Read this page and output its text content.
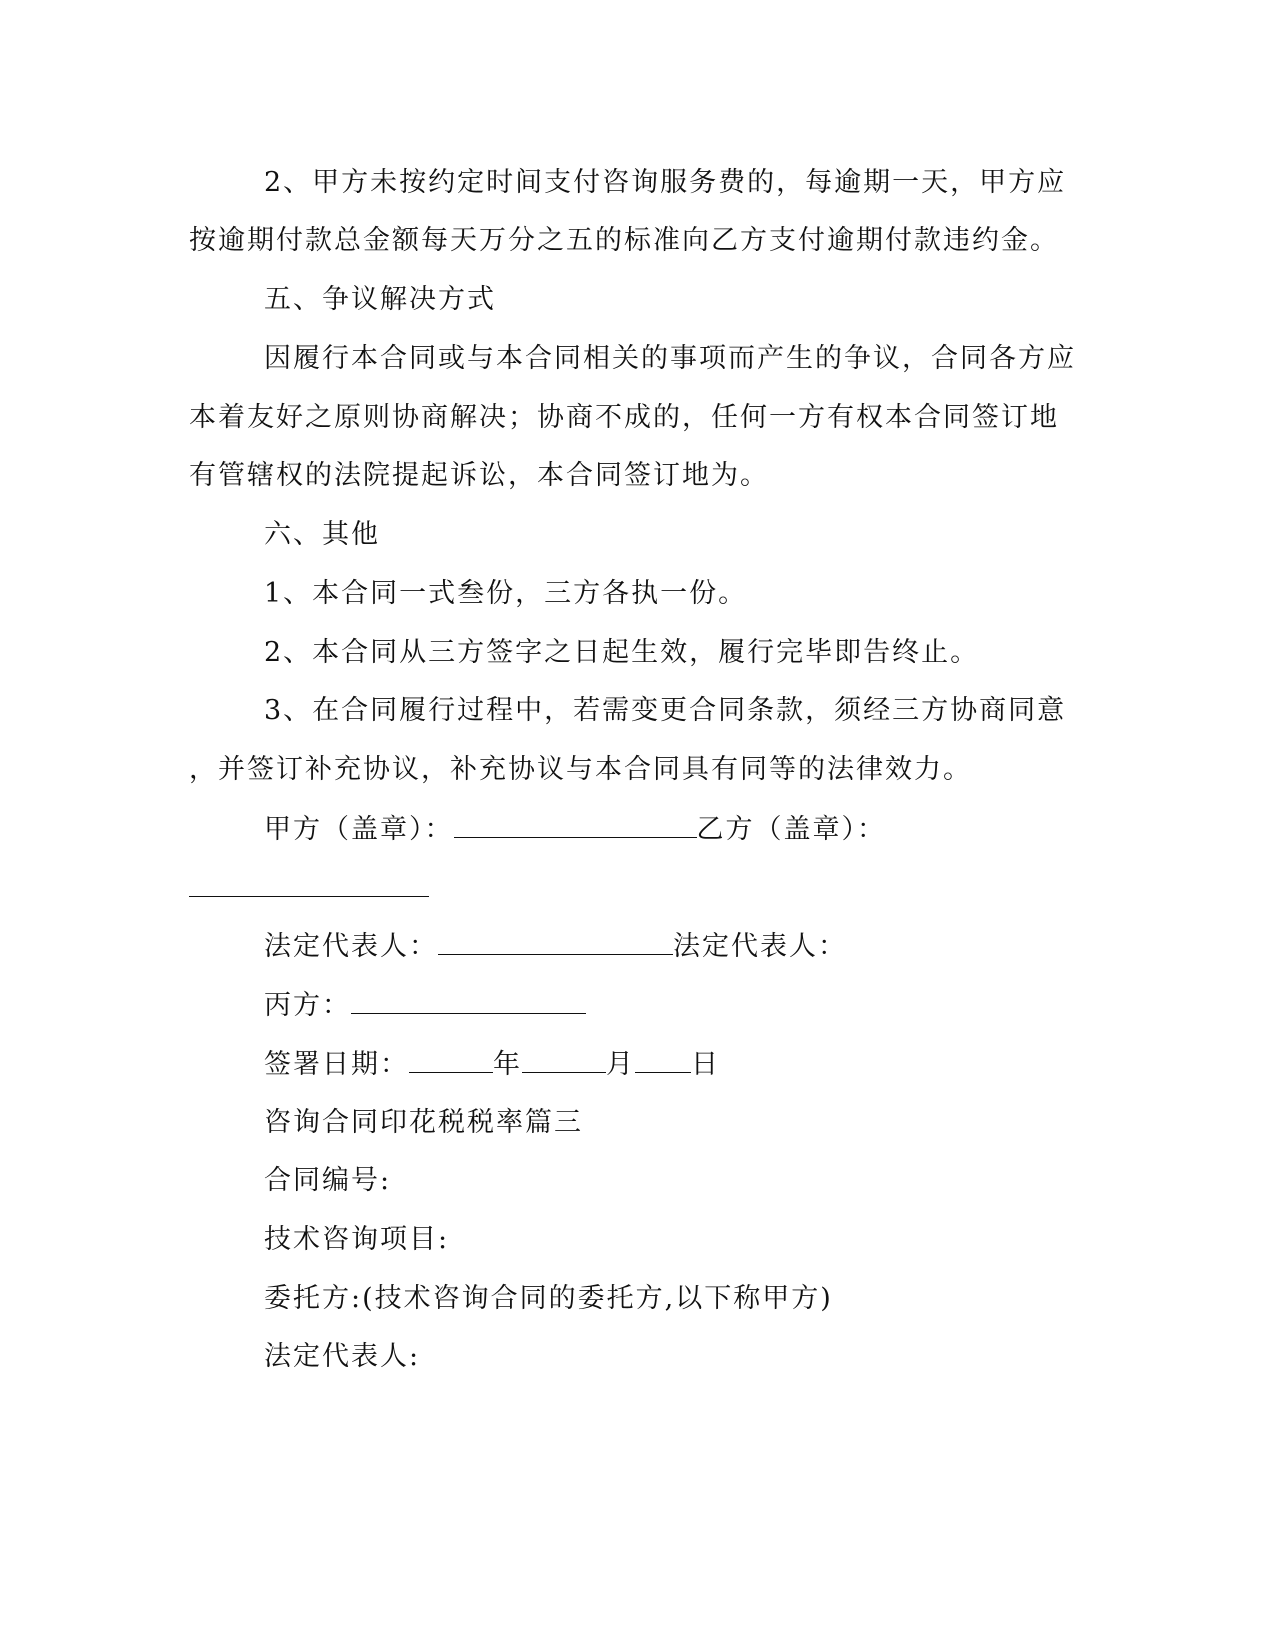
2、甲方未按约定时间支付咨询服务费的，每逾期一天，甲方应
按逾期付款总金额每天万分之五的标准向乙方支付逾期付款违约金。
五、争议解决方式
因履行本合同或与本合同相关的事项而产生的争议，合同各方应
本着友好之原则协商解决；协商不成的，任何一方有权本合同签订地
有管辖权的法院提起诉讼，本合同签订地为。
六、其他
1、本合同一式叁份，三方各执一份。
2、本合同从三方签字之日起生效，履行完毕即告终止。
3、在合同履行过程中，若需变更合同条款，须经三方协商同意
，并签订补充协议，补充协议与本合同具有同等的法律效力。
甲方（盖章）：	乙方（盖章）：
法定代表人：	法定代表人：
丙方：
签署日期：	年	月 日
咨询合同印花税税率篇三
合同编号:
技术咨询项目:
委托方:(技术咨询合同的委托方,以下称甲方)
法定代表人:
